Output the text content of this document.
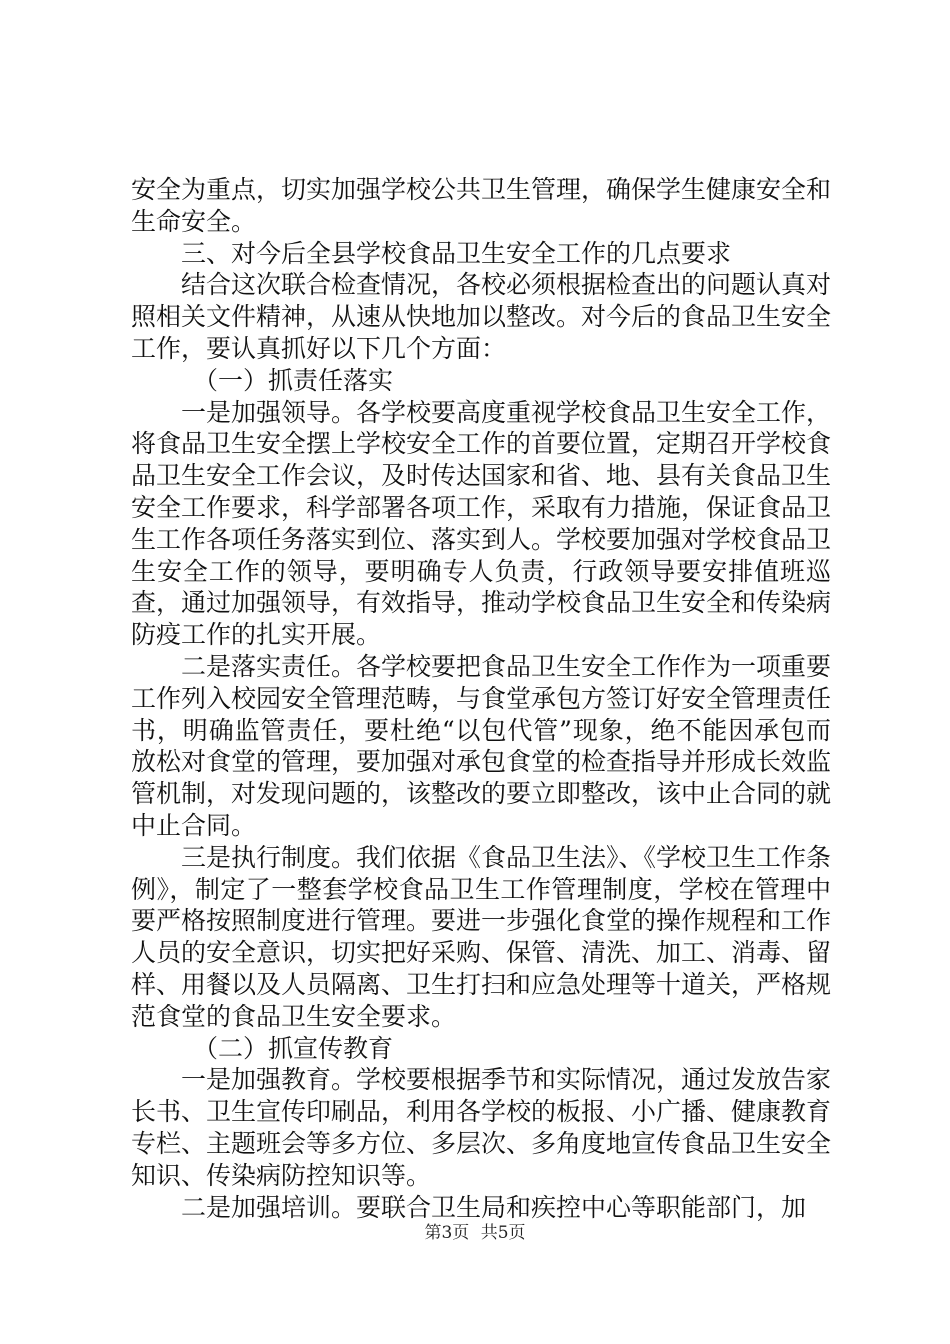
安全为重点，切实加强学校公共卫生管理，确保学生健康安全和生命安全。

三、对今后全县学校食品卫生安全工作的几点要求

结合这次联合检查情况，各校必须根据检查出的问题认真对照相关文件精神，从速从快地加以整改。对今后的食品卫生安全工作，要认真抓好以下几个方面：

（一）抓责任落实

一是加强领导。各学校要高度重视学校食品卫生安全工作，将食品卫生安全摆上学校安全工作的首要位置，定期召开学校食品卫生安全工作会议，及时传达国家和省、地、县有关食品卫生安全工作要求，科学部署各项工作，采取有力措施，保证食品卫生工作各项任务落实到位、落实到人。学校要加强对学校食品卫生安全工作的领导，要明确专人负责，行政领导要安排值班巡查，通过加强领导，有效指导，推动学校食品卫生安全和传染病防疫工作的扎实开展。

二是落实责任。各学校要把食品卫生安全工作作为一项重要工作列入校园安全管理范畴，与食堂承包方签订好安全管理责任书，明确监管责任，要杜绝“以包代管”现象，绝不能因承包而放松对食堂的管理，要加强对承包食堂的检查指导并形成长效监管机制，对发现问题的，该整改的要立即整改，该中止合同的就中止合同。

三是执行制度。我们依据《食品卫生法》、《学校卫生工作条例》，制定了一整套学校食品卫生工作管理制度，学校在管理中要严格按照制度进行管理。要进一步强化食堂的操作规程和工作人员的安全意识，切实把好采购、保管、清洗、加工、消毒、留样、用餐以及人员隔离、卫生打扫和应急处理等十道关，严格规范食堂的食品卫生安全要求。

（二）抓宣传教育

一是加强教育。学校要根据季节和实际情况，通过发放告家长书、卫生宣传印刷品，利用各学校的板报、小广播、健康教育专栏、主题班会等多方位、多层次、多角度地宣传食品卫生安全知识、传染病防控知识等。

二是加强培训。要联合卫生局和疾控中心等职能部门，加

第3页 共5页
